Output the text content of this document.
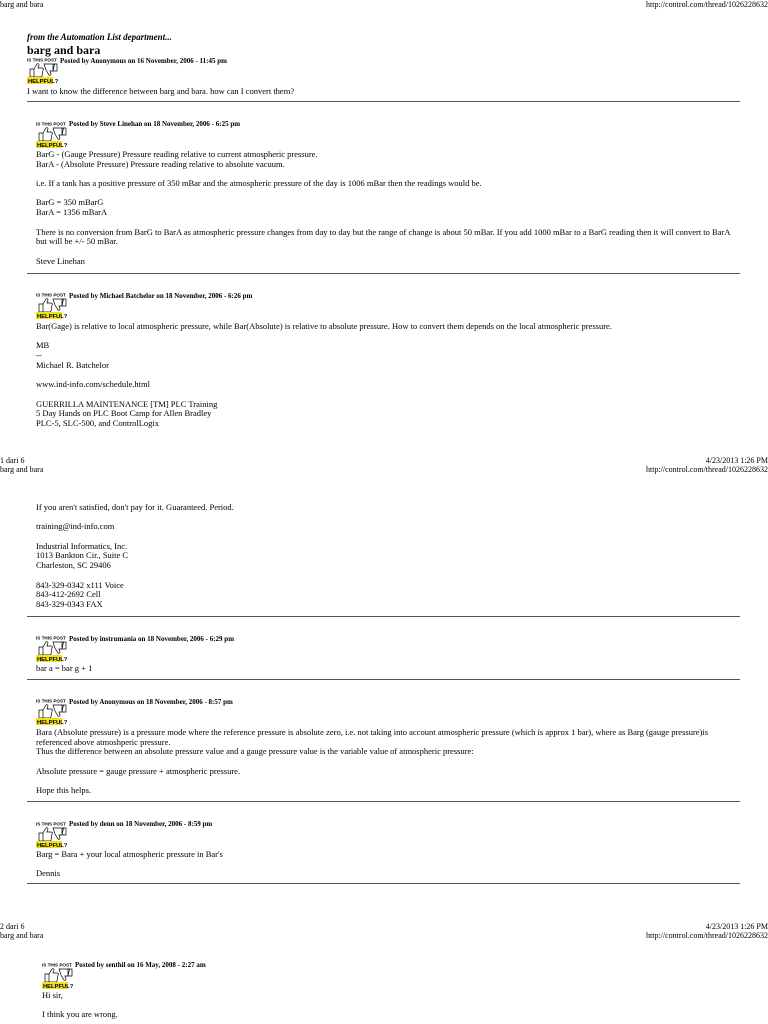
barg and bara	http://control.com/thread/1026228632
from the Automation List department...
barg and bara
IS THIS POST
HELPFUL?
Posted by Anonymous on 16 November, 2006 - 11:45 pm

I want to know the difference between barg and bara. how can I convert them?

IS THIS POST
HELPFUL?
Posted by Steve Linehan on 18 November, 2006 - 6:25 pm

BarG - (Gauge Pressure) Pressure reading relative to current atmospheric pressure.

BarA - (Absolute Pressure) Pressure reading relative to absolute vacuum.

i.e. If a tank has a positive pressure of 350 mBar and the atmospheric pressure of the day is 1006 mBar then the readings would be.

BarG = 350 mBarG

BarA = 1356 mBarA

There is no conversion from BarG to BarA as atmospheric pressure changes from day to day but the range of change is about 50 mBar. If you add 1000 mBar to a BarG reading then it will convert to BarA but will be +/- 50 mBar.

Steve Linehan

IS THIS POST
HELPFUL?
Posted by Michael Batchelor on 18 November, 2006 - 6:26 pm

Bar(Gage) is relative to local atmospheric pressure, while Bar(Absolute) is relative to absolute pressure. How to convert them depends on the local atmospheric pressure.

MB

--

Michael R. Batchelor

www.ind-info.com/schedule.html

GUERRILLA MAINTENANCE [TM] PLC Training

5 Day Hands on PLC Boot Camp for Allen Bradley

PLC-5, SLC-500, and ControlLogix

1 dari 6	4/23/2013 1:26 PM
barg and bara	http://control.com/thread/1026228632

If you aren't satisfied, don't pay for it. Guaranteed. Period.

training@ind-info.com

Industrial Informatics, Inc.

1013 Bankton Cir., Suite C

Charleston, SC 29406

843-329-0342 x111 Voice

843-412-2692 Cell

843-329-0343 FAX

IS THIS POST
HELPFUL?
Posted by instrumania on 18 November, 2006 - 6:29 pm

bar a = bar g + 1

IS THIS POST
HELPFUL?
Posted by Anonymous on 18 November, 2006 - 8:57 pm

Bara (Absolute pressure) is a pressure mode where the reference pressure is absolute zero, i.e. not taking into account atmospheric pressure (which is approx 1 bar), where as Barg (gauge pressure)is referenced above atmoshperic pressure.

Thus the difference between an absolute pressure value and a gauge pressure value is the variable value of atmospheric pressure:

Absolute pressure = gauge pressure + atmospheric pressure.

Hope this helps.

IS THIS POST
HELPFUL?
Posted by denn on 18 November, 2006 - 8:59 pm

Barg = Bara + your local atmospheric pressure in Bar's

Dennis

2 dari 6	4/23/2013 1:26 PM
barg and bara	http://control.com/thread/1026228632
IS THIS POST
HELPFUL?
Posted by senthil on 16 May, 2008 - 2:27 am

Hi sir,

I think you are wrong.
